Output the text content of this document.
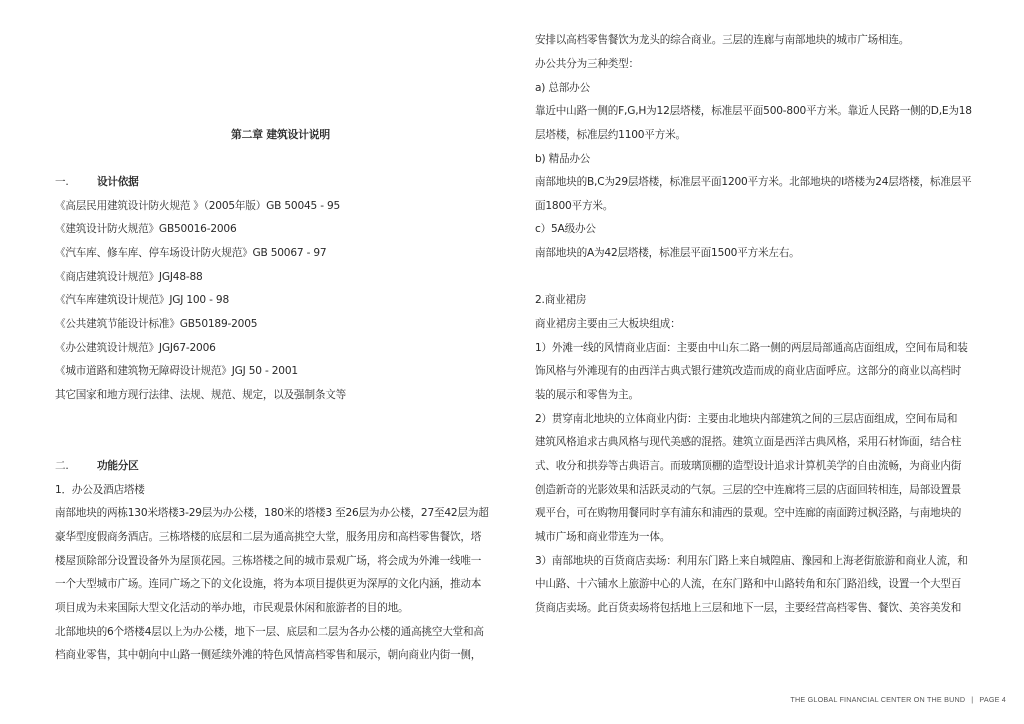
第二章 建筑设计说明
一.	设计依据
《高层民用建筑设计防火规范 》（2005年版）GB 50045 - 95
《建筑设计防火规范》GB50016-2006
《汽车库、修车库、停车场设计防火规范》GB 50067 - 97
《商店建筑设计规范》JGJ48-88
《汽车库建筑设计规范》JGJ 100 - 98
《公共建筑节能设计标准》GB50189-2005
《办公建筑设计规范》JGJ67-2006
《城市道路和建筑物无障碍设计规范》JGJ 50 - 2001
其它国家和地方现行法律、法规、规范、规定，以及强制条文等
二.	功能分区
1．办公及酒店塔楼
南部地块的两栋130米塔楼3-29层为办公楼，180米的塔楼3 至26层为办公楼，27至42层为超
豪华型度假商务酒店。三栋塔楼的底层和二层为通高挑空大堂，服务用房和高档零售餐饮，塔
楼屋顶除部分设置设备外为屋顶花园。三栋塔楼之间的城市景观广场，将会成为外滩一线唯一
一个大型城市广场。连同广场之下的文化设施，将为本项目提供更为深厚的文化内涵，推动本
项目成为未来国际大型文化活动的举办地，市民观景休闲和旅游者的目的地。
北部地块的6个塔楼4层以上为办公楼，地下一层、底层和二层为各办公楼的通高挑空大堂和高
档商业零售，其中朝向中山路一侧延续外滩的特色风情高档零售和展示，朝向商业内街一侧，
安排以高档零售餐饮为龙头的综合商业。三层的连廊与南部地块的城市广场相连。
办公共分为三种类型：
a) 总部办公
靠近中山路一侧的F,G,H为12层塔楼，标准层平面500-800平方米。靠近人民路一侧的D,E为18
层塔楼，标准层约1100平方米。
b) 精品办公
南部地块的B,C为29层塔楼，标准层平面1200平方米。北部地块的I塔楼为24层塔楼，标准层平
面1800平方米。
c）5A级办公
南部地块的A为42层塔楼，标准层平面1500平方米左右。
2.商业裙房
商业裙房主要由三大板块组成：
1）外滩一线的风情商业店面：主要由中山东二路一侧的两层局部通高店面组成，空间布局和装
饰风格与外滩现有的由西洋古典式银行建筑改造而成的商业店面呼应。这部分的商业以高档时
装的展示和零售为主。
2）贯穿南北地块的立体商业内街：主要由北地块内部建筑之间的三层店面组成，空间布局和
建筑风格追求古典风格与现代美感的混搭。建筑立面是西洋古典风格，采用石材饰面，结合柱
式、收分和拱券等古典语言。而玻璃顶棚的造型设计追求计算机美学的自由流畅，为商业内街
创造新奇的光影效果和活跃灵动的气氛。三层的空中连廊将三层的店面回转相连，局部设置景
观平台，可在购物用餐同时享有浦东和浦西的景观。空中连廊的南面跨过枫泾路，与南地块的
城市广场和商业带连为一体。
3）南部地块的百货商店卖场：利用东门路上来自城隍庙、豫园和上海老街旅游和商业人流，和
中山路、十六铺水上旅游中心的人流，在东门路和中山路转角和东门路沿线，设置一个大型百
货商店卖场。此百货卖场将包括地上三层和地下一层，主要经营高档零售、餐饮、美容美发和
THE GLOBAL FINANCIAL CENTER ON THE BUND | PAGE 4
